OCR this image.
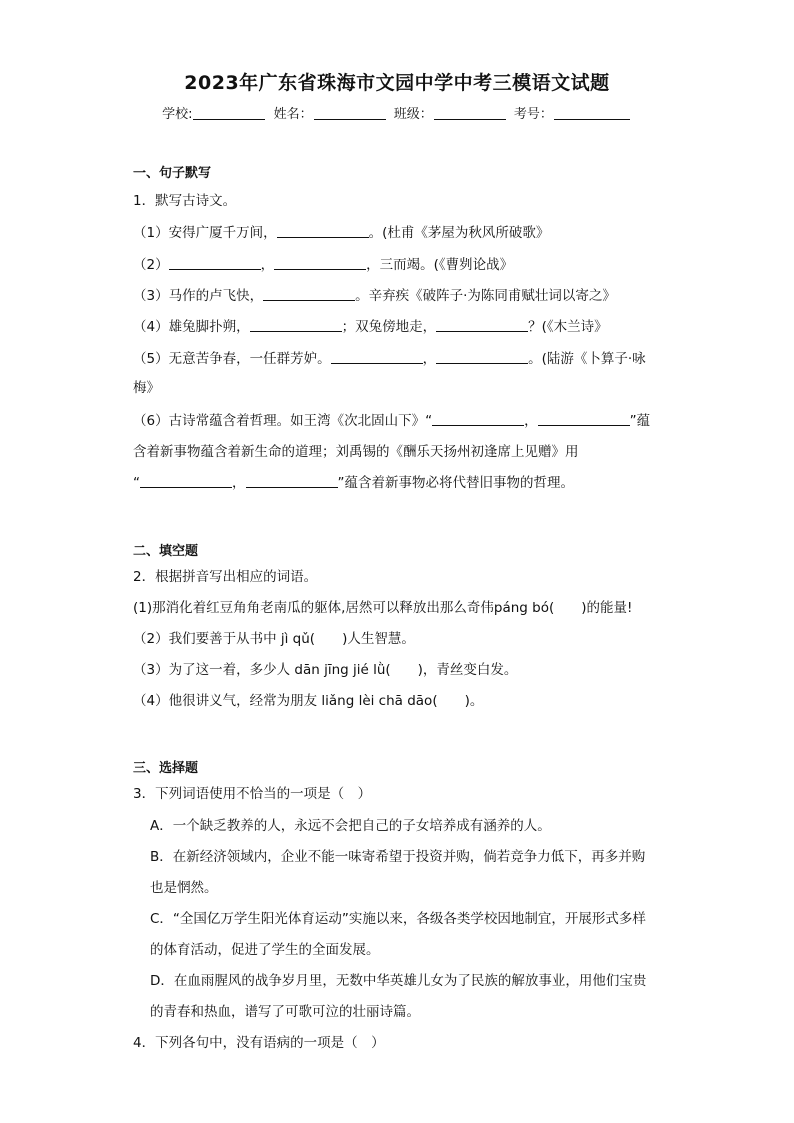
2023年广东省珠海市文园中学中考三模语文试题
学校:	姓名：	班级：	考号：
一、句子默写
1．默写古诗文。
（1）安得广厦千万间，	。(杜甫《茅屋为秋风所破歌》
（2）	，	，三而竭。(《曹刿论战》
（3）马作的卢飞快，	。辛弃疾《破阵子·为陈同甫赋壮词以寄之》
（4）雄兔脚扑朔，	；双兔傍地走，	？(《木兰诗》
（5）无意苦争春，一任群芳妒。	，	。(陆游《卜算子·咏
梅》
（6）古诗常蕴含着哲理。如王湾《次北固山下》“	，	”蕴
含着新事物蕴含着新生命的道理；刘禹锡的《酬乐天扬州初逢席上见赠》用
“	，	”蕴含着新事物必将代替旧事物的哲理。
二、填空题
2．根据拼音写出相应的词语。
(1)那消化着红豆角角老南瓜的躯体,居然可以释放出那么奇伟páng bó(　　)的能量!
（2）我们要善于从书中 jì qǔ(　　)人生智慧。
（3）为了这一着，多少人 dān jīng jié lǜ(　　)，青丝变白发。
（4）他很讲义气，经常为朋友 liǎng lèi chā dāo(　　)。
三、选择题
3．下列词语使用不恰当的一项是（　）
A．一个缺乏教养的人，永远不会把自己的子女培养成有涵养的人。
B．在新经济领域内，企业不能一味寄希望于投资并购，倘若竞争力低下，再多并购
也是惘然。
C．“全国亿万学生阳光体育运动”实施以来，各级各类学校因地制宜，开展形式多样
的体育活动，促进了学生的全面发展。
D．在血雨腥风的战争岁月里，无数中华英雄儿女为了民族的解放事业，用他们宝贵
的青春和热血，谱写了可歌可泣的壮丽诗篇。
4．下列各句中，没有语病的一项是（　）
